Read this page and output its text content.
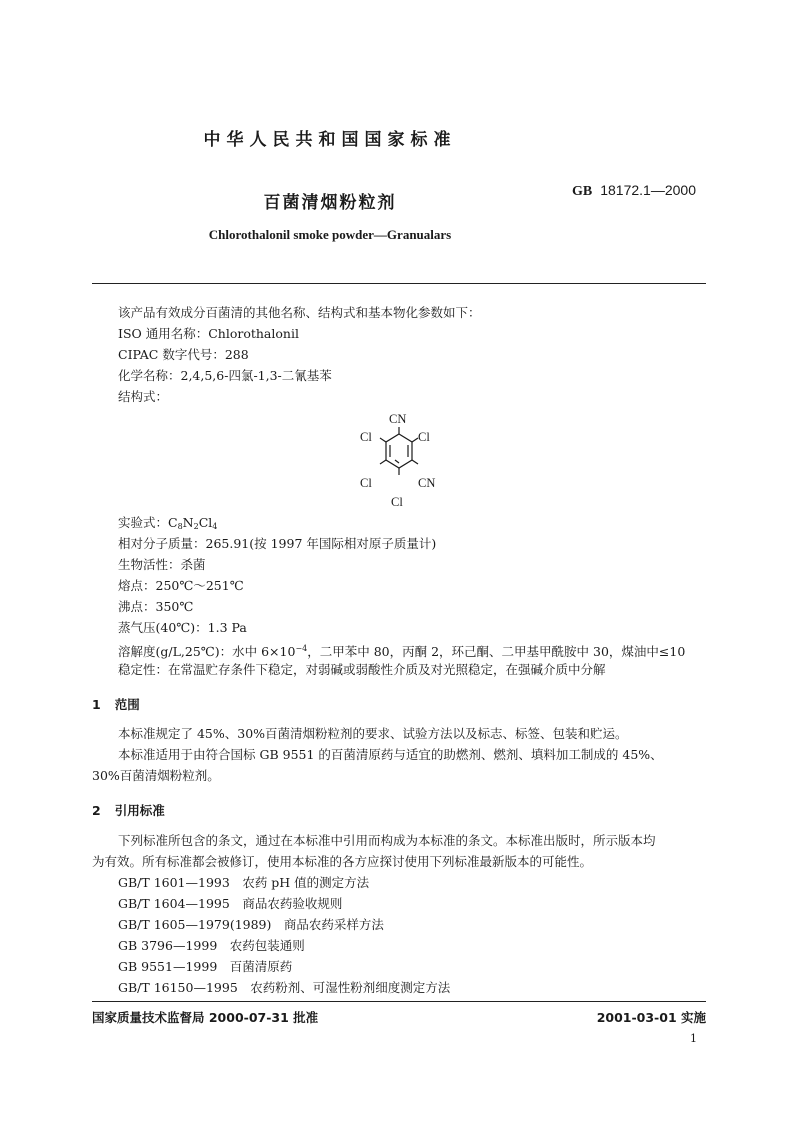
中华人民共和国国家标准
百菌清烟粉粒剂
GB 18172.1—2000
Chlorothalonil smoke powder—Granualars
该产品有效成分百菌清的其他名称、结构式和基本物化参数如下：
ISO 通用名称：Chlorothalonil
CIPAC 数字代号：288
化学名称：2,4,5,6-四氯-1,3-二氰基苯
结构式：
CN
Cl	Cl
Cl	CN
Cl
实验式：$C_8N_2Cl_4$
相对分子质量：265.91(按 1997 年国际相对原子质量计)
生物活性：杀菌
熔点：250℃～251℃
沸点：350℃
蒸气压(40℃)：1.3 Pa
溶解度(g/L,25℃)：水中 $6\times 10^{-4}$，二甲苯中 80，丙酮 2，环己酮、二甲基甲酰胺中 30，煤油中≤10
稳定性：在常温贮存条件下稳定，对弱碱或弱酸性介质及对光照稳定，在强碱介质中分解
1 范围
本标准规定了 45%、30%百菌清烟粉粒剂的要求、试验方法以及标志、标签、包装和贮运。
本标准适用于由符合国标 GB 9551 的百菌清原药与适宜的助燃剂、燃剂、填料加工制成的 45%、
30%百菌清烟粉粒剂。
2 引用标准
下列标准所包含的条文，通过在本标准中引用而构成为本标准的条文。本标准出版时，所示版本均
为有效。所有标准都会被修订，使用本标准的各方应探讨使用下列标准最新版本的可能性。
GB/T 1601—1993　农药 pH 值的测定方法
GB/T 1604—1995　商品农药验收规则
GB/T 1605—1979(1989)　商品农药采样方法
GB 3796—1999　农药包装通则
GB 9551—1999　百菌清原药
GB/T 16150—1995　农药粉剂、可湿性粉剂细度测定方法
国家质量技术监督局 2000-07-31 批准	2001-03-01 实施
1
